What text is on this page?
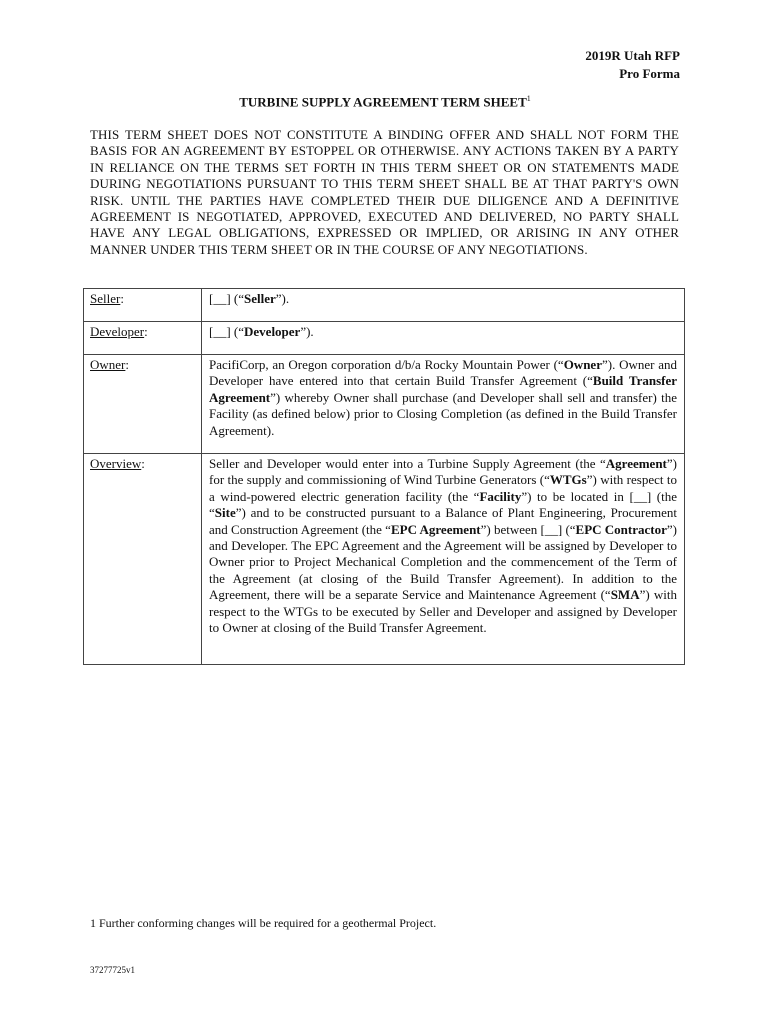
2019R Utah RFP
Pro Forma
TURBINE SUPPLY AGREEMENT TERM SHEET$^1$
THIS TERM SHEET DOES NOT CONSTITUTE A BINDING OFFER AND SHALL NOT FORM THE BASIS FOR AN AGREEMENT BY ESTOPPEL OR OTHERWISE. ANY ACTIONS TAKEN BY A PARTY IN RELIANCE ON THE TERMS SET FORTH IN THIS TERM SHEET OR ON STATEMENTS MADE DURING NEGOTIATIONS PURSUANT TO THIS TERM SHEET SHALL BE AT THAT PARTY'S OWN RISK. UNTIL THE PARTIES HAVE COMPLETED THEIR DUE DILIGENCE AND A DEFINITIVE AGREEMENT IS NEGOTIATED, APPROVED, EXECUTED AND DELIVERED, NO PARTY SHALL HAVE ANY LEGAL OBLIGATIONS, EXPRESSED OR IMPLIED, OR ARISING IN ANY OTHER MANNER UNDER THIS TERM SHEET OR IN THE COURSE OF ANY NEGOTIATIONS.
Seller:	[__] (“Seller”).
Developer:	[__] (“Developer”).
Owner:	PacifiCorp, an Oregon corporation d/b/a Rocky Mountain Power (“Owner”). Owner and Developer have entered into that certain Build Transfer Agreement (“Build Transfer Agreement”) whereby Owner shall purchase (and Developer shall sell and transfer) the Facility (as defined below) prior to Closing Completion (as defined in the Build Transfer Agreement).
Overview:	Seller and Developer would enter into a Turbine Supply Agreement (the “Agreement”) for the supply and commissioning of Wind Turbine Generators (“WTGs”) with respect to a wind-powered electric generation facility (the “Facility”) to be located in [__] (the “Site”) and to be constructed pursuant to a Balance of Plant Engineering, Procurement and Construction Agreement (the “EPC Agreement”) between [__] (“EPC Contractor”) and Developer. The EPC Agreement and the Agreement will be assigned by Developer to Owner prior to Project Mechanical Completion and the commencement of the Term of the Agreement (at closing of the Build Transfer Agreement). In addition to the Agreement, there will be a separate Service and Maintenance Agreement (“SMA”) with respect to the WTGs to be executed by Seller and Developer and assigned by Developer to Owner at closing of the Build Transfer Agreement.
1 Further conforming changes will be required for a geothermal Project.
37277725v1
